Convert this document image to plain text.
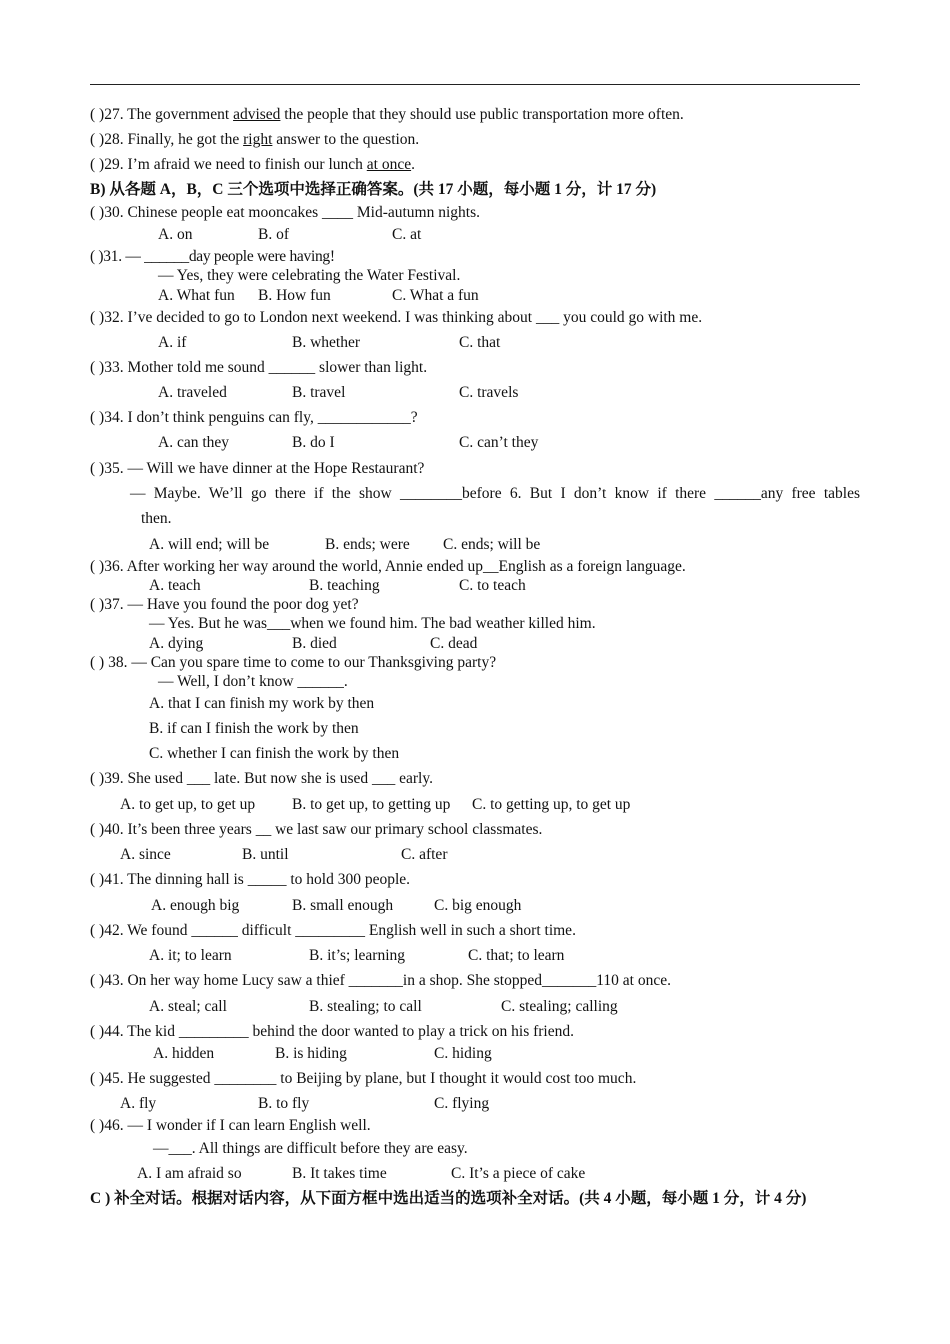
( )27. The government advised the people that they should use public transportation more often.
( )28. Finally, he got the right answer to the question.
( )29. I’m afraid we need to finish our lunch at once.
B) 从各题 A，B，C 三个选项中选择正确答案。(共 17 小题，每小题 1 分，计 17 分)
( )30. Chinese people eat mooncakes ____ Mid-autumn nights.
A. on	B. of	C. at
( )31. — ______day people were having!
— Yes, they were celebrating the Water Festival.
A. What fun B. How fun	C. What a fun
( )32. I’ve decided to go to London next weekend. I was thinking about ___ you could go with me.
A. if	B. whether	C. that
( )33. Mother told me sound ______ slower than light.
A. traveled	B. travel	C. travels
( )34. I don’t think penguins can fly, ____________?
A. can they	B. do I	C. can’t they
( )35. — Will we have dinner at the Hope Restaurant?
— Maybe. We’ll go there if the show ________before 6. But I don’t know if there ______any free tables
then.
A. will end; will be	B. ends; were C. ends; will be
( )36. After working her way around the world, Annie ended up__English as a foreign language.
A. teach	B. teaching	C. to teach
( )37. — Have you found the poor dog yet?
— Yes. But he was___when we found him. The bad weather killed him.
A. dying	B. died	C. dead
( ) 38. — Can you spare time to come to our Thanksgiving party?
— Well, I don’t know ______.
A. that I can finish my work by then
B. if can I finish the work by then
C. whether I can finish the work by then
( )39. She used ___ late. But now she is used ___ early.
A. to get up, to get up B. to get up, to getting up C. to getting up, to get up
( )40. It’s been three years __ we last saw our primary school classmates.
A. since	B. until	C. after
( )41. The dinning hall is _____ to hold 300 people.
A. enough big	B. small enough	C. big enough
( )42. We found ______ difficult _________ English well in such a short time.
A. it; to learn	B. it’s; learning	C. that; to learn
( )43. On her way home Lucy saw a thief _______in a shop. She stopped_______110 at once.
A. steal; call	B. stealing; to call	C. stealing; calling
( )44. The kid _________ behind the door wanted to play a trick on his friend.
A. hidden	B. is hiding	C. hiding
( )45. He suggested ________ to Beijing by plane, but I thought it would cost too much.
A. fly	B. to fly	C. flying
( )46. — I wonder if I can learn English well.
—___. All things are difficult before they are easy.
A. I am afraid so	B. It takes time	C. It’s a piece of cake
C ) 补全对话。根据对话内容，从下面方框中选出适当的选项补全对话。(共 4 小题，每小题 1 分，计 4 分)
